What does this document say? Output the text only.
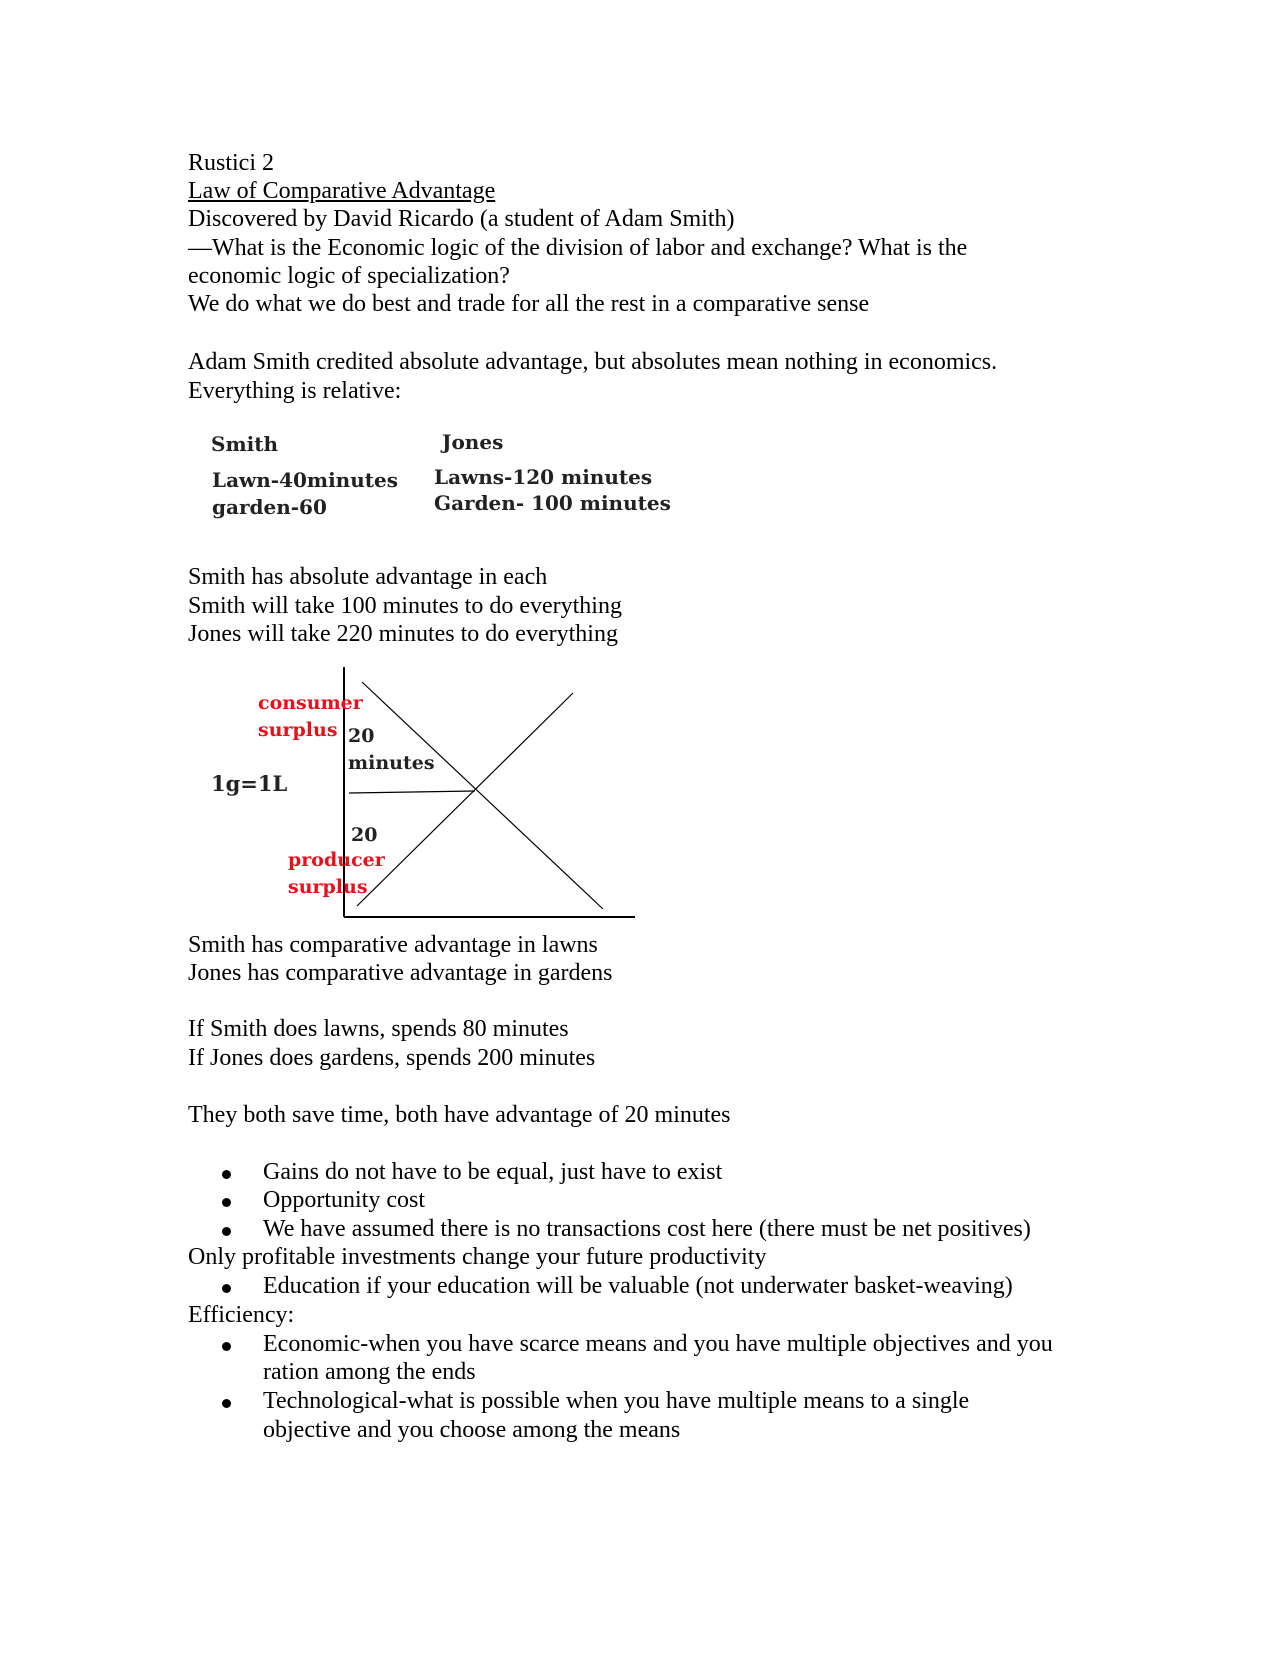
Rustici 2

Law of Comparative Advantage

Discovered by David Ricardo (a student of Adam Smith)

—What is the Economic logic of the division of labor and exchange? What is the

economic logic of specialization?

We do what we do best and trade for all the rest in a comparative sense

Adam Smith credited absolute advantage, but absolutes mean nothing in economics.

Everything is relative:

Smith	Jones

Lawn-40minutes

garden-60

Lawns-120 minutes

Garden- 100 minutes

Smith has absolute advantage in each

Smith will take 100 minutes to do everything

Jones will take 220 minutes to do everything

consumer

surplus 20

minutes

1g=1L

20

producer

surplus

Smith has comparative advantage in lawns

Jones has comparative advantage in gardens

If Smith does lawns, spends 80 minutes

If Jones does gardens, spends 200 minutes

They both save time, both have advantage of 20 minutes

Gains do not have to be equal, just have to exist

Opportunity cost

We have assumed there is no transactions cost here (there must be net positives)

Only profitable investments change your future productivity

Education if your education will be valuable (not underwater basket-weaving)

Efficiency:

Economic-when you have scarce means and you have multiple objectives and you

ration among the ends

Technological-what is possible when you have multiple means to a single

objective and you choose among the means
